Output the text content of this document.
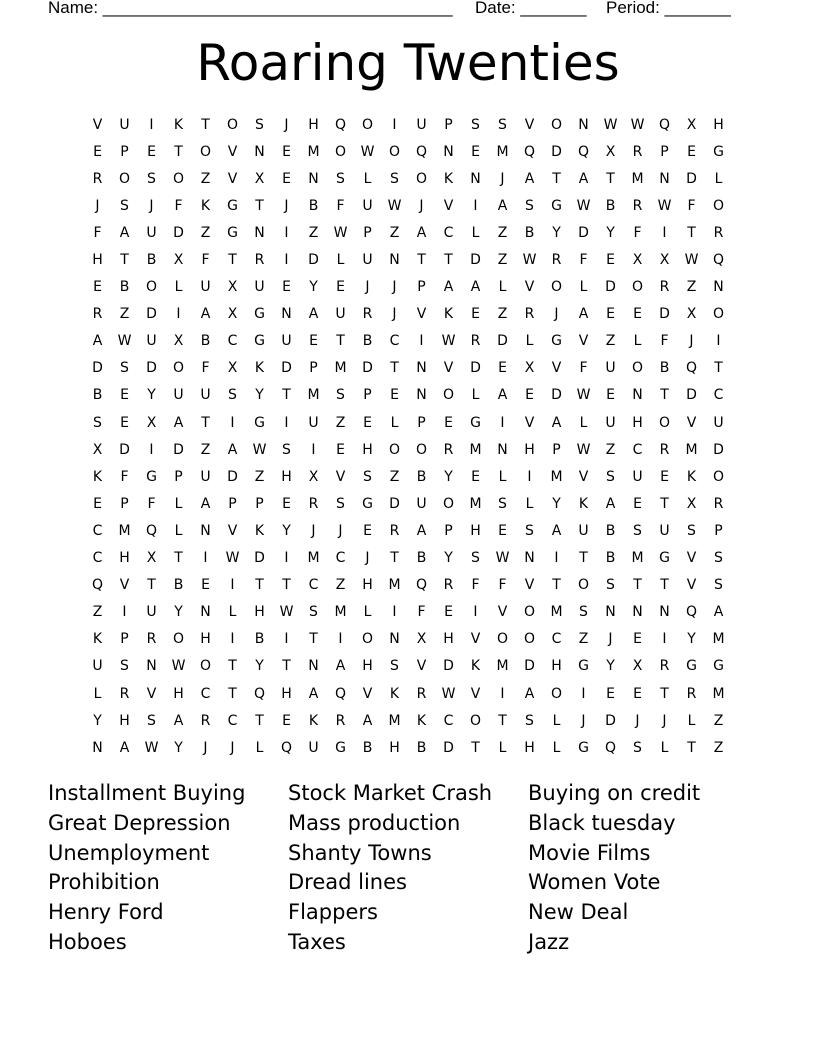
Name: _____________________________________ Date: _______ Period: _______
Roaring Twenties
V	U	I	K	T	O	S	J	H	Q	O	I	U	P	S	S	V	O	N	W W	Q	X	H
E	P	E	T	O	V	N	E	M	O	W	O	Q	N	E	M	Q	D	Q	X	R	P	E	G
R	O	S	O	Z	V	X	E	N	S	L	S	O	K	N	J	A	T	A	T	M	N	D	L
J	S	J	F	K	G	T	J	B	F	U	W	J	V	I	A	S	G	W	B	R	W	F	O
F	A	U	D	Z	G	N	I	Z	W	P	Z	A	C	L	Z	B	Y	D	Y	F	I	T	R
H	T	B	X	F	T	R	I	D	L	U	N	T	T	D	Z	W	R	F	E	X	X	W	Q
E	B	O	L	U	X	U	E	Y	E	J	J	P	A	A	L	V	O	L	D	O	R	Z	N
R	Z	D	I	A	X	G	N	A	U	R	J	V	K	E	Z	R	J	A	E	E	D	X	O
A	W	U	X	B	C	G	U	E	T	B	C	I	W	R	D	L	G	V	Z	L	F	J	I
D	S	D	O	F	X	K	D	P	M	D	T	N	V	D	E	X	V	F	U	O	B	Q	T
B	E	Y	U	U	S	Y	T	M	S	P	E	N	O	L	A	E	D	W	E	N	T	D	C
S	E	X	A	T	I	G	I	U	Z	E	L	P	E	G	I	V	A	L	U	H	O	V	U
X	D	I	D	Z	A	W	S	I	E	H	O	O	R	M	N	H	P	W	Z	C	R	M	D
K	F	G	P	U	D	Z	H	X	V	S	Z	B	Y	E	L	I	M	V	S	U	E	K	O
E	P	F	L	A	P	P	E	R	S	G	D	U	O	M	S	L	Y	K	A	E	T	X	R
C	M	Q	L	N	V	K	Y	J	J	E	R	A	P	H	E	S	A	U	B	S	U	S	P
C	H	X	T	I	W	D	I	M	C	J	T	B	Y	S	W	N	I	T	B	M	G	V	S
Q	V	T	B	E	I	T	T	C	Z	H	M	Q	R	F	F	V	T	O	S	T	T	V	S
Z	I	U	Y	N	L	H	W	S	M	L	I	F	E	I	V	O	M	S	N	N	N	Q	A
K	P	R	O	H	I	B	I	T	I	O	N	X	H	V	O	O	C	Z	J	E	I	Y	M
U	S	N	W	O	T	Y	T	N	A	H	S	V	D	K	M	D	H	G	Y	X	R	G	G
L	R	V	H	C	T	Q	H	A	Q	V	K	R	W	V	I	A	O	I	E	E	T	R	M
Y	H	S	A	R	C	T	E	K	R	A	M	K	C	O	T	S	L	J	D	J	J	L	Z
N	A	W	Y	J	J	L	Q	U	G	B	H	B	D	T	L	H	L	G	Q	S	L	T	Z
Installment Buying	Stock Market Crash	Buying on credit
Great Depression	Mass production	Black tuesday
Unemployment	Shanty Towns	Movie Films
Prohibition	Dread lines	Women Vote
Henry Ford	Flappers	New Deal
Hoboes	Taxes	Jazz
